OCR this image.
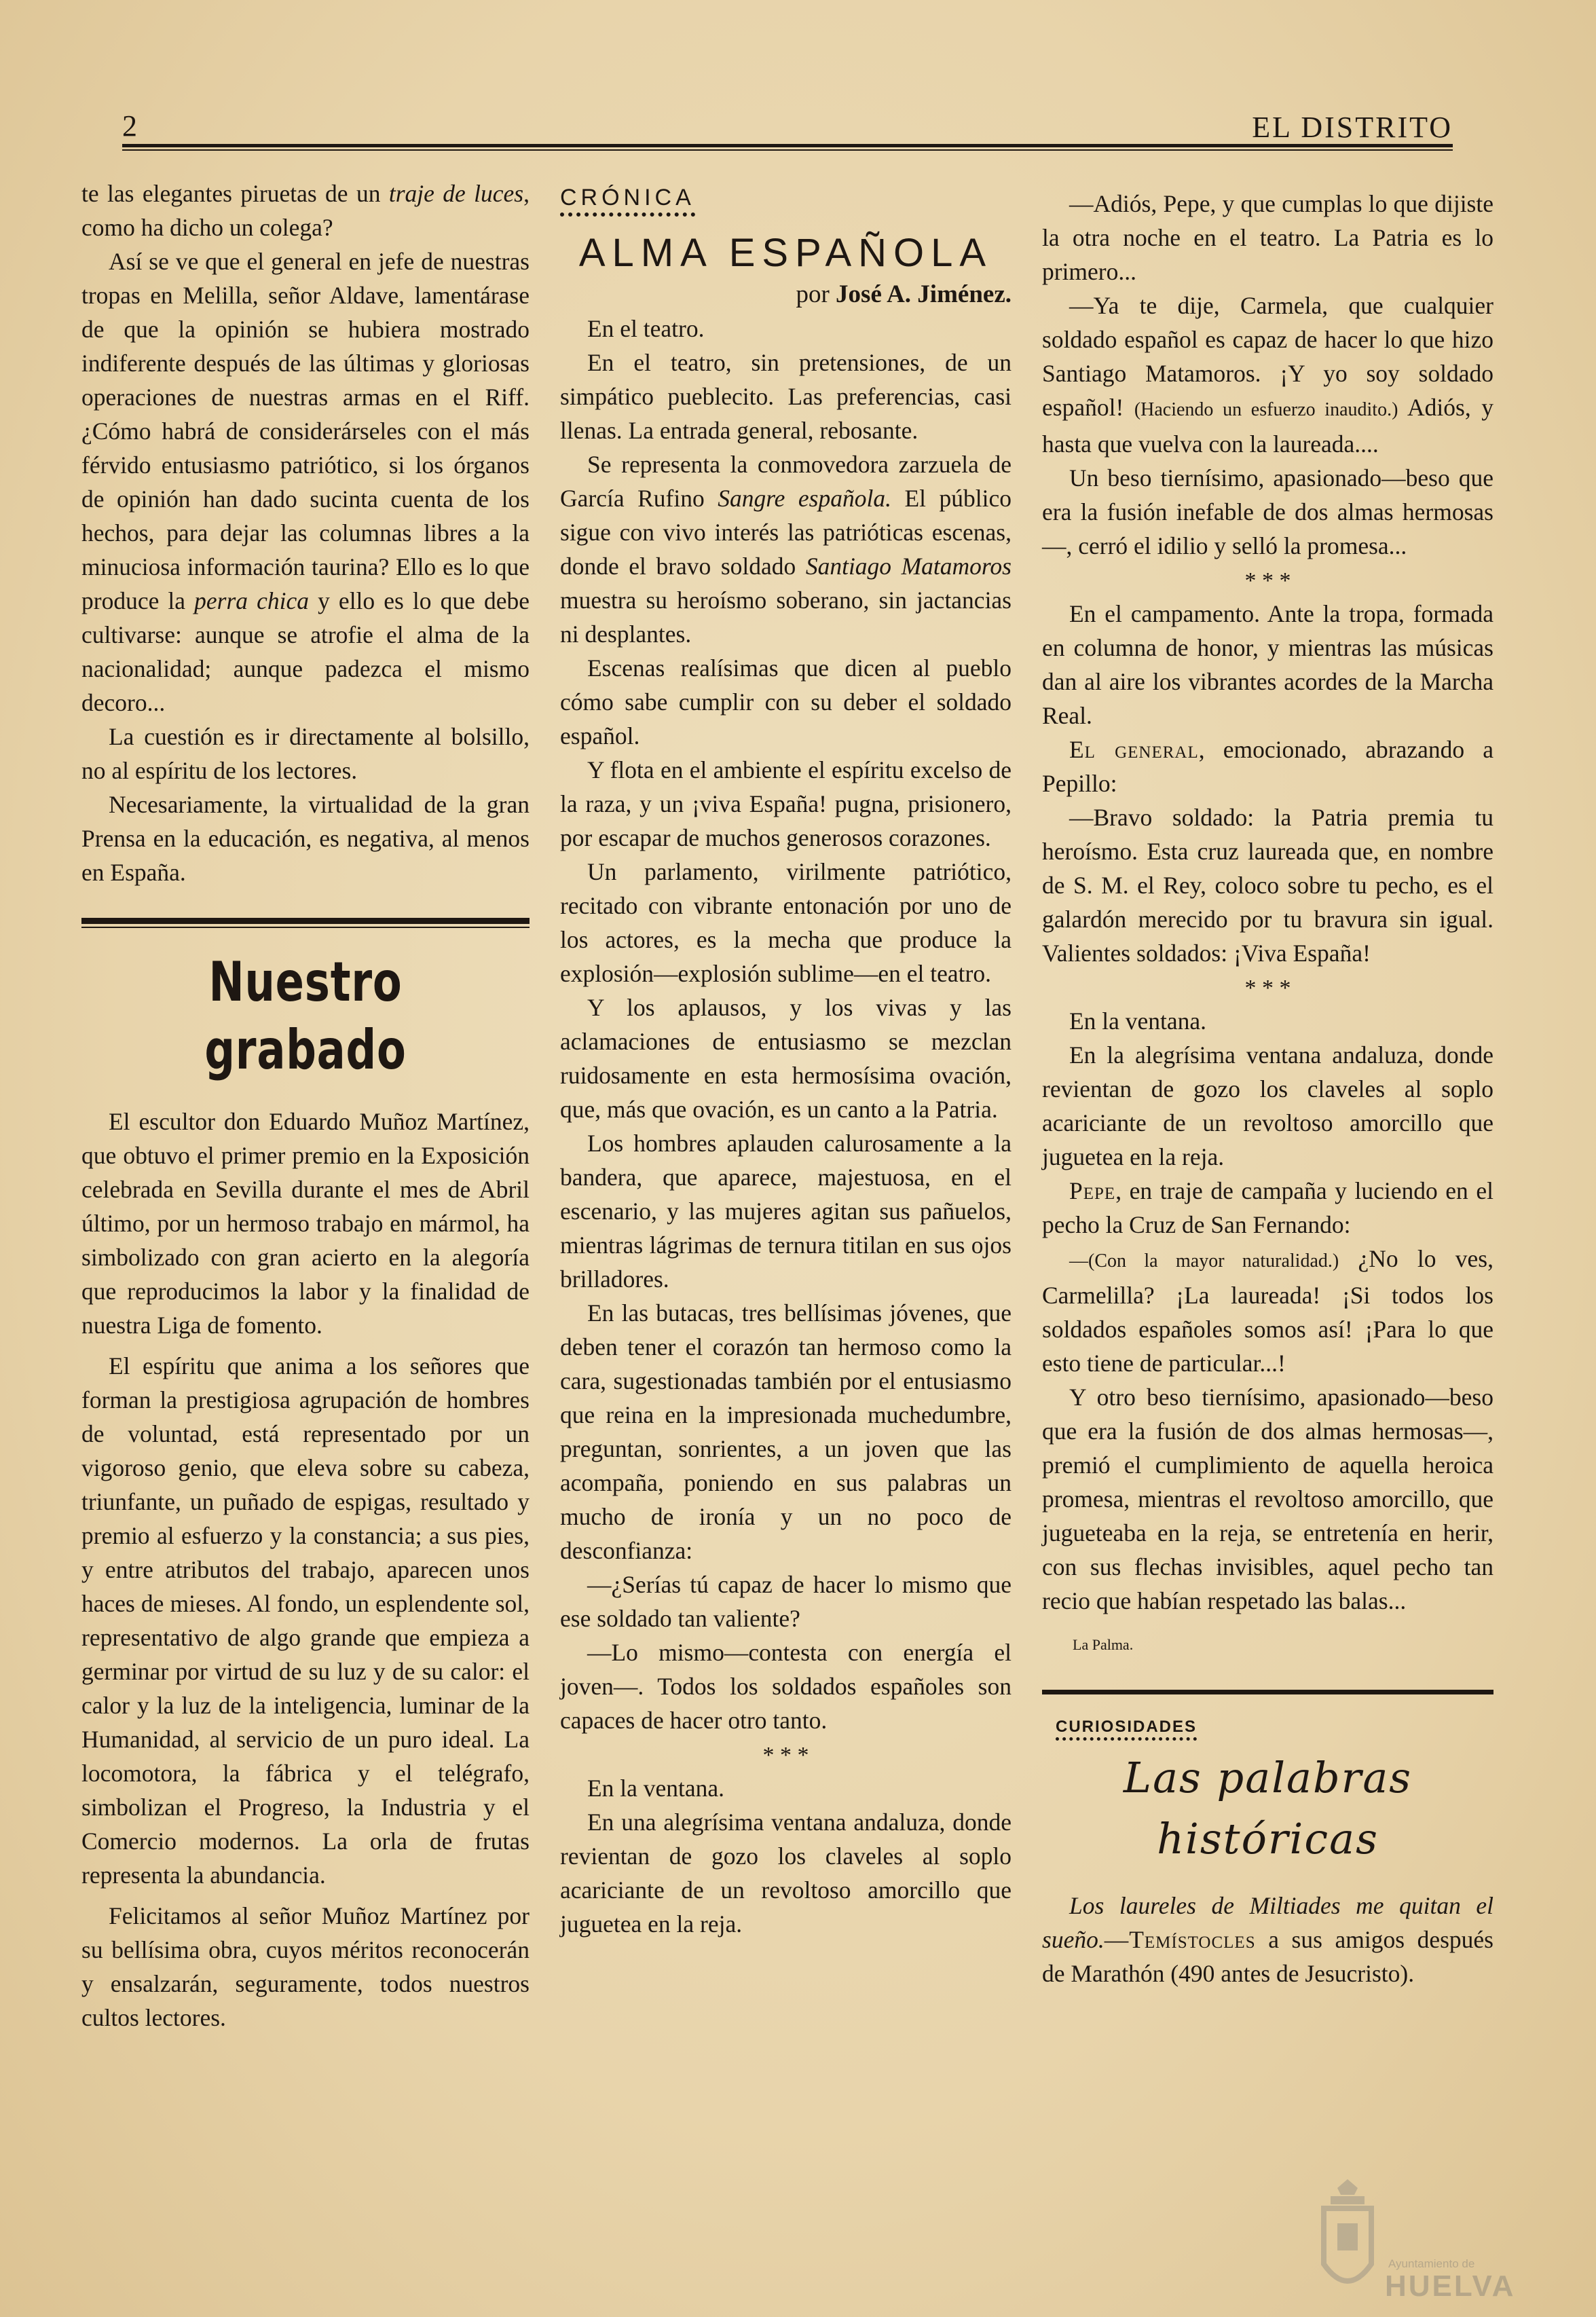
2	EL DISTRITO

te las elegantes piruetas de un traje de luces, como ha dicho un colega?

Así se ve que el general en jefe de nuestras tropas en Melilla, señor Aldave, lamentárase de que la opinión se hubiera mostrado indiferente después de las últimas y gloriosas operaciones de nuestras armas en el Riff. ¿Cómo habrá de considerárseles con el más férvido entusiasmo patriótico, si los órganos de opinión han dado sucinta cuenta de los hechos, para dejar las columnas libres a la minuciosa información taurina? Ello es lo que produce la perra chica y ello es lo que debe cultivarse: aunque se atrofie el alma de la nacionalidad; aunque padezca el mismo decoro...

La cuestión es ir directamente al bolsillo, no al espíritu de los lectores.

Necesariamente, la virtualidad de la gran Prensa en la educación, es negativa, al menos en España.

Nuestro grabado

El escultor don Eduardo Muñoz Martínez, que obtuvo el primer premio en la Exposición celebrada en Sevilla durante el mes de Abril último, por un hermoso trabajo en mármol, ha simbolizado con gran acierto en la alegoría que reproducimos la labor y la finalidad de nuestra Liga de fomento.

El espíritu que anima a los señores que forman la prestigiosa agrupación de hombres de voluntad, está representado por un vigoroso genio, que eleva sobre su cabeza, triunfante, un puñado de espigas, resultado y premio al esfuerzo y la constancia; a sus pies, y entre atributos del trabajo, aparecen unos haces de mieses. Al fondo, un esplendente sol, representativo de algo grande que empieza a germinar por virtud de su luz y de su calor: el calor y la luz de la inteligencia, luminar de la Humanidad, al servicio de un puro ideal. La locomotora, la fábrica y el telégrafo, simbolizan el Progreso, la Industria y el Comercio modernos. La orla de frutas representa la abundancia.

Felicitamos al señor Muñoz Martínez por su bellísima obra, cuyos méritos reconocerán y ensalzarán, seguramente, todos nuestros cultos lectores.

CRÓNICA
ALMA ESPAÑOLA
por José A. Jiménez.

En el teatro.

En el teatro, sin pretensiones, de un simpático pueblecito. Las preferencias, casi llenas. La entrada general, rebosante.

Se representa la conmovedora zarzuela de García Rufino Sangre española. El público sigue con vivo interés las patrióticas escenas, donde el bravo soldado Santiago Matamoros muestra su heroísmo soberano, sin jactancias ni desplantes.

Escenas realísimas que dicen al pueblo cómo sabe cumplir con su deber el soldado español.

Y flota en el ambiente el espíritu excelso de la raza, y un ¡viva España! pugna, prisionero, por escapar de muchos generosos corazones.

Un parlamento, virilmente patriótico, recitado con vibrante entonación por uno de los actores, es la mecha que produce la explosión—explosión sublime—en el teatro.

Y los aplausos, y los vivas y las aclamaciones de entusiasmo se mezclan ruidosamente en esta hermosísima ovación, que, más que ovación, es un canto a la Patria.

Los hombres aplauden calurosamente a la bandera, que aparece, majestuosa, en el escenario, y las mujeres agitan sus pañuelos, mientras lágrimas de ternura titilan en sus ojos brilladores.

En las butacas, tres bellísimas jóvenes, que deben tener el corazón tan hermoso como la cara, sugestionadas también por el entusiasmo que reina en la impresionada muchedumbre, preguntan, sonrientes, a un joven que las acompaña, poniendo en sus palabras un mucho de ironía y un no poco de desconfianza:

—¿Serías tú capaz de hacer lo mismo que ese soldado tan valiente?

—Lo mismo—contesta con energía el joven—. Todos los soldados españoles son capaces de hacer otro tanto.

* * *

En la ventana.

En una alegrísima ventana andaluza, donde revientan de gozo los claveles al soplo acariciante de un revoltoso amorcillo que juguetea en la reja.

—Adiós, Pepe, y que cumplas lo que dijiste la otra noche en el teatro. La Patria es lo primero...

—Ya te dije, Carmela, que cualquier soldado español es capaz de hacer lo que hizo Santiago Matamoros. ¡Y yo soy soldado español! (Haciendo un esfuerzo inaudito.) Adiós, y hasta que vuelva con la laureada....

Un beso tiernísimo, apasionado—beso que era la fusión inefable de dos almas hermosas—, cerró el idilio y selló la promesa...

* * *

En el campamento. Ante la tropa, formada en columna de honor, y mientras las músicas dan al aire los vibrantes acordes de la Marcha Real.

El general, emocionado, abrazando a Pepillo:

—Bravo soldado: la Patria premia tu heroísmo. Esta cruz laureada que, en nombre de S. M. el Rey, coloco sobre tu pecho, es el galardón merecido por tu bravura sin igual. Valientes soldados: ¡Viva España!

* * *

En la ventana.

En la alegrísima ventana andaluza, donde revientan de gozo los claveles al soplo acariciante de un revoltoso amorcillo que juguetea en la reja.

Pepe, en traje de campaña y luciendo en el pecho la Cruz de San Fernando:

—(Con la mayor naturalidad.) ¿No lo ves, Carmelilla? ¡La laureada! ¡Si todos los soldados españoles somos así! ¡Para lo que esto tiene de particular...!

Y otro beso tiernísimo, apasionado—beso que era la fusión de dos almas hermosas—, premió el cumplimiento de aquella heroica promesa, mientras el revoltoso amorcillo, que jugueteaba en la reja, se entretenía en herir, con sus flechas invisibles, aquel pecho tan recio que habían respetado las balas...

La Palma.
CURIOSIDADES
Las palabras históricas

Los laureles de Miltiades me quitan el sueño.—Temístocles a sus amigos después de Marathón (490 antes de Jesucristo).

Ayuntamiento de
HUELVA
